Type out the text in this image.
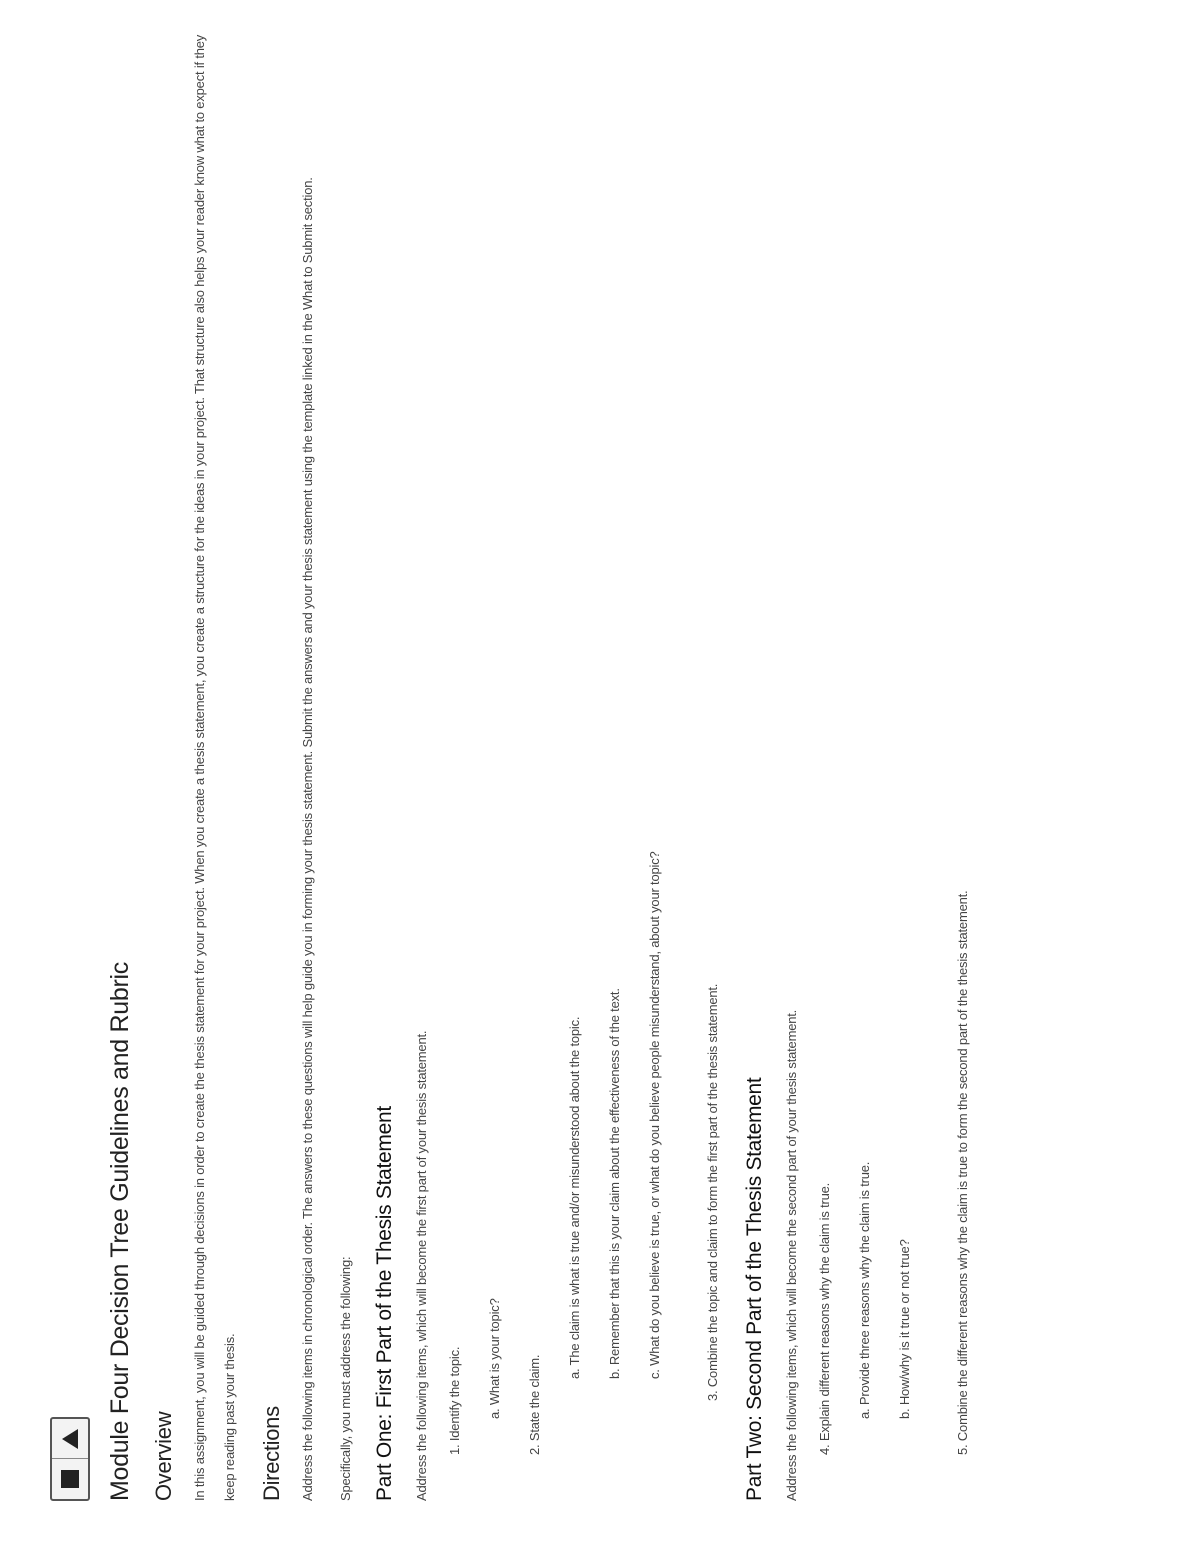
Module Four Decision Tree Guidelines and Rubric Overview	In this assignment, you will be guided through decisions in order to create the thesis statement for your project. When you create a thesis statement, you create a structure for the ideas in your project. That structure also helps your reader know what to expect if they keep reading past your thesis.	Directions	Address the following items in chronological order. The answers to these questions will help guide you in forming your thesis statement. Submit the answers and your thesis statement using the template linked in the What to Submit section.	Specifically, you must address the following: Part One: First Part of the Thesis Statement	Address the following items, which will become the first part of your thesis statement.	1. Identify the topic. a. What is your topic? 2. State the claim.
a. The claim is what is true and/or misunderstood about the topic. b. Remember that this is your claim about the effectiveness of the text. c. What do you believe is true, or what do you believe people misunderstand, about your topic?	3. Combine the topic and claim to form the first part of the thesis statement. Part Two: Second Part of the Thesis Statement	Address the following items, which will become the second part of your thesis statement.	4. Explain different reasons why the claim is true. a. Provide three reasons why the claim is true. b. How/why is it true or not true?	5. Combine the different reasons why the claim is true to form the second part of the thesis statement.
